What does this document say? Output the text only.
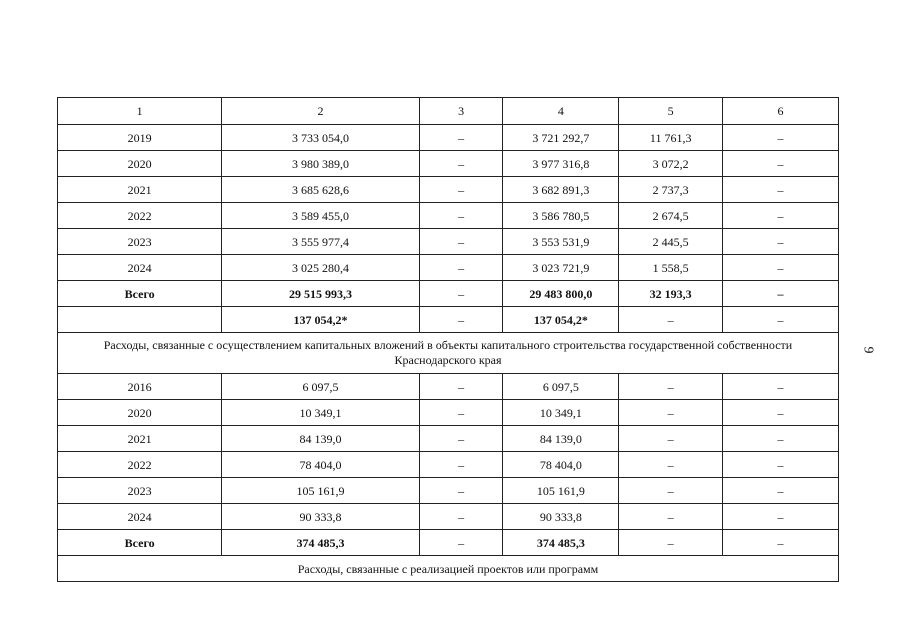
1	2	3	4	5	6
2019	3 733 054,0	–	3 721 292,7	11 761,3	–
2020	3 980 389,0	–	3 977 316,8	3 072,2	–
2021	3 685 628,6	–	3 682 891,3	2 737,3	–
2022	3 589 455,0	–	3 586 780,5	2 674,5	–
2023	3 555 977,4	–	3 553 531,9	2 445,5	–
2024	3 025 280,4	–	3 023 721,9	1 558,5	–
Всего	29 515 993,3	–	29 483 800,0	32 193,3	–
	137 054,2*	–	137 054,2*	–	–
Расходы, связанные с осуществлением капитальных вложений в объекты капитального строительства государственной собственности Краснодарского края					
2016	6 097,5	–	6 097,5	–	–
2020	10 349,1	–	10 349,1	–	–
2021	84 139,0	–	84 139,0	–	–
2022	78 404,0	–	78 404,0	–	–
2023	105 161,9	–	105 161,9	–	–
2024	90 333,8	–	90 333,8	–	–
Всего	374 485,3	–	374 485,3	–	–
Расходы, связанные с реализацией проектов или программ					
9
